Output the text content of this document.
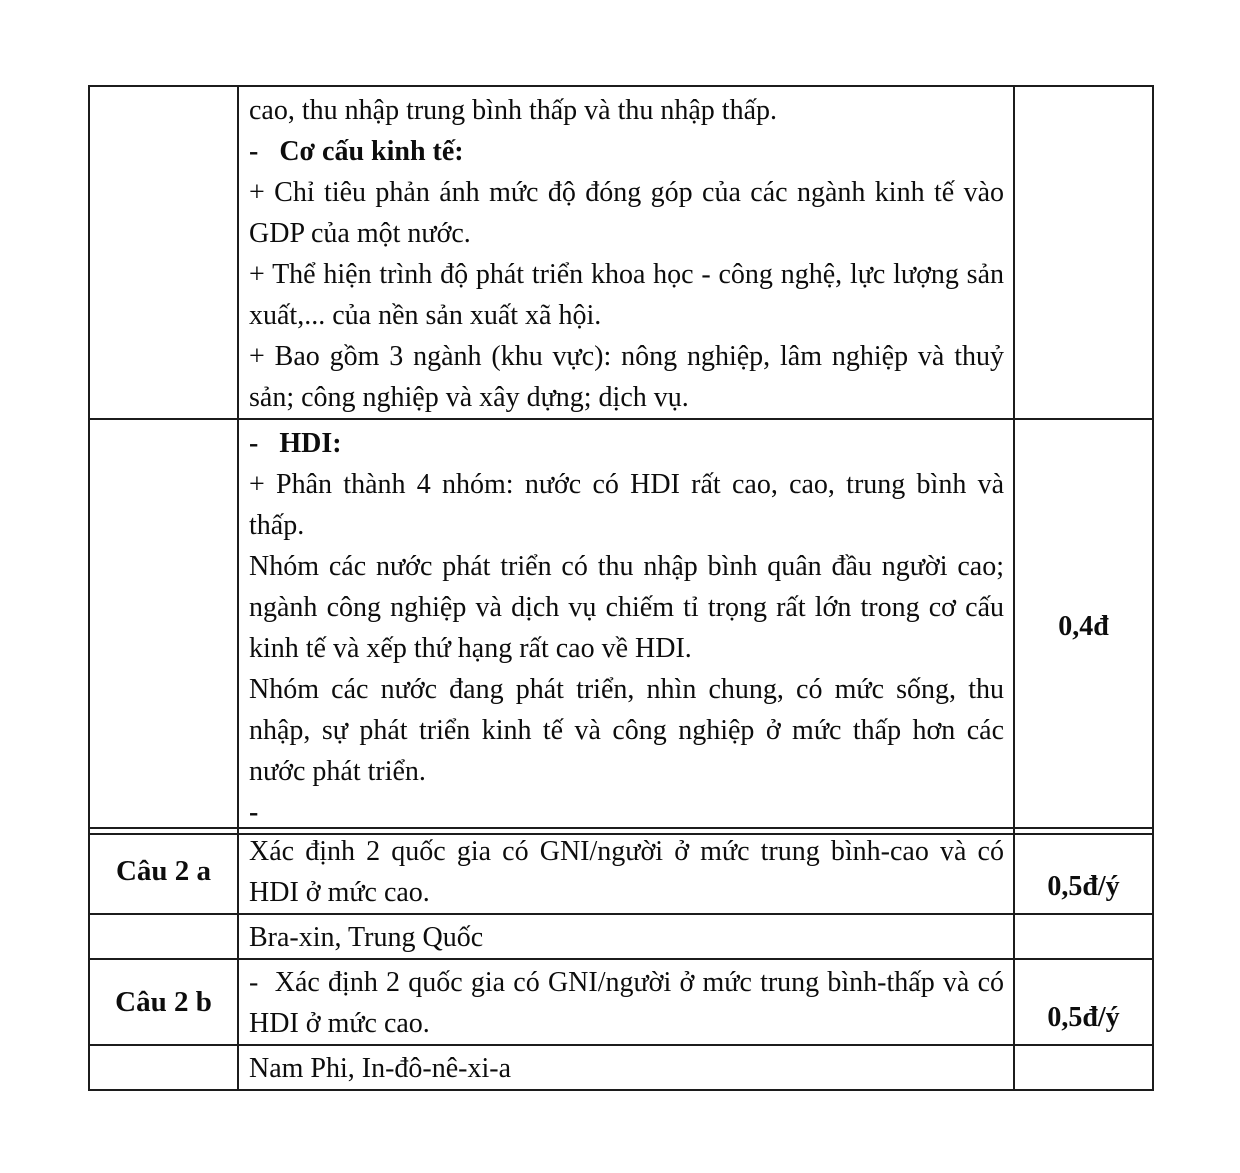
	cao, thu nhập trung bình thấp và thu nhập thấp.

-   Cơ cấu kinh tế:

+ Chỉ tiêu phản ánh mức độ đóng góp của các ngành kinh tế vào GDP của một nước.

+ Thể hiện trình độ phát triển khoa học - công nghệ, lực lượng sản xuất,... của nền sản xuất xã hội.

+ Bao gồm 3 ngành (khu vực): nông nghiệp, lâm nghiệp và thuỷ sản; công nghiệp và xây dựng; dịch vụ.	

	-   HDI:

+ Phân thành 4 nhóm: nước có HDI rất cao, cao, trung bình và thấp.

Nhóm các nước phát triển có thu nhập bình quân đầu người cao; ngành công nghiệp và dịch vụ chiếm tỉ trọng rất lớn trong cơ cấu kinh tế và xếp thứ hạng rất cao về HDI.

Nhóm các nước đang phát triển, nhìn chung, có mức sống, thu nhập, sự phát triển kinh tế và công nghiệp ở mức thấp hơn các nước phát triển.

-	0,4đ
Câu 2 a	Xác định 2 quốc gia có GNI/người ở mức trung bình-cao và có HDI ở mức cao.	0,5đ/ý

	Bra-xin, Trung Quốc	

Câu 2 b	-  Xác định 2 quốc gia có GNI/người ở mức trung bình-thấp và có HDI ở mức cao.	0,5đ/ý

	Nam Phi, In-đô-nê-xi-a	
